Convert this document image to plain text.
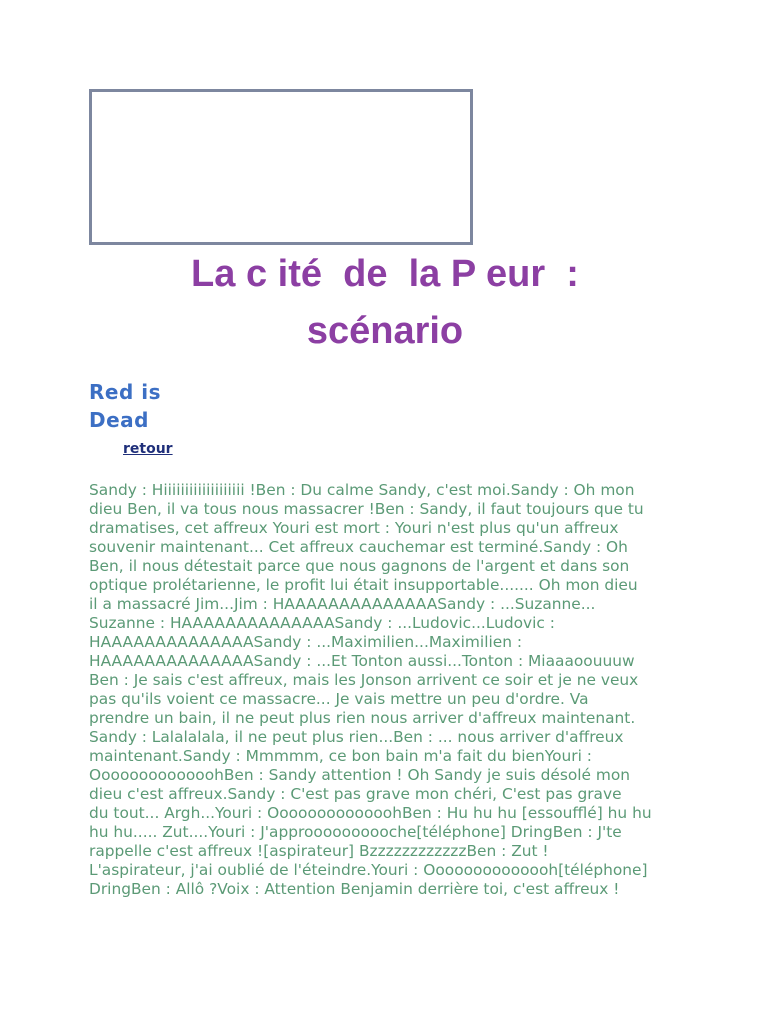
La c ité  de  la P eur  :
scénario
Red is
Dead
retour
Sandy : Hiiiiiiiiiiiiiiiiiii !Ben : Du calme Sandy, c'est moi.Sandy : Oh mon
dieu Ben, il va tous nous massacrer !Ben : Sandy, il faut toujours que tu
dramatises, cet affreux Youri est mort : Youri n'est plus qu'un affreux
souvenir maintenant... Cet affreux cauchemar est terminé.Sandy : Oh
Ben, il nous détestait parce que nous gagnons de l'argent et dans son
optique prolétarienne, le profit lui était insupportable....... Oh mon dieu
il a massacré Jim...Jim : HAAAAAAAAAAAAAASandy : ...Suzanne...
Suzanne : HAAAAAAAAAAAAAASandy : ...Ludovic...Ludovic :
HAAAAAAAAAAAAAASandy : ...Maximilien...Maximilien :
HAAAAAAAAAAAAAASandy : ...Et Tonton aussi...Tonton : Miaaaoouuuw
Ben : Je sais c'est affreux, mais les Jonson arrivent ce soir et je ne veux
pas qu'ils voient ce massacre... Je vais mettre un peu d'ordre. Va
prendre un bain, il ne peut plus rien nous arriver d'affreux maintenant.
Sandy : Lalalalala, il ne peut plus rien...Ben : ... nous arriver d'affreux
maintenant.Sandy : Mmmmm, ce bon bain m'a fait du bienYouri :
OoooooooooooohBen : Sandy attention ! Oh Sandy je suis désolé mon
dieu c'est affreux.Sandy : C'est pas grave mon chéri, C'est pas grave
du tout... Argh...Youri : OoooooooooooohBen : Hu hu hu [essoufflé] hu hu
hu hu..... Zut....Youri : J'approooooooooche[téléphone] DringBen : J'te
rappelle c'est affreux ![aspirateur] BzzzzzzzzzzzzBen : Zut !
L'aspirateur, j'ai oublié de l'éteindre.Youri : Oooooooooooooh[téléphone]
DringBen : Allô ?Voix : Attention Benjamin derrière toi, c'est affreux !
